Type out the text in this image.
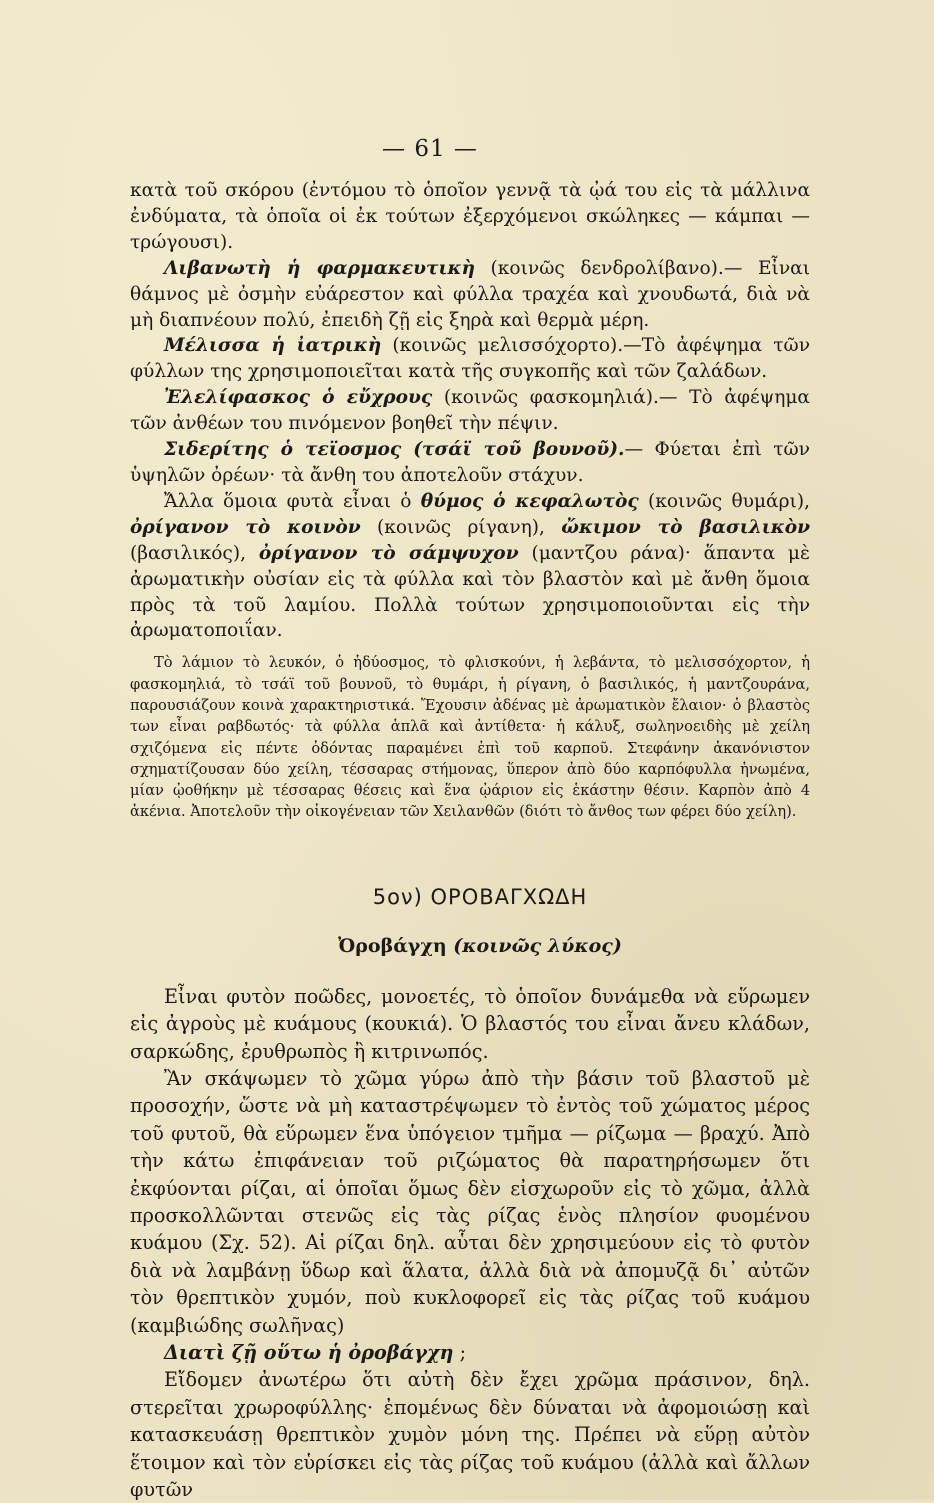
— 61 —

κατὰ τοῦ σκόρου (ἐντόμου τὸ ὁποῖον γεννᾷ τὰ ᾠά του εἰς τὰ μάλλινα ἐνδύματα, τὰ ὁποῖα οἱ ἐκ τούτων ἐξερχόμενοι σκώληκες — κάμπαι — τρώγουσι).

Λιβανωτὴ ἡ φαρμακευτικὴ (κοινῶς δενδρολίβανο).— Εἶναι θάμνος μὲ ὀσμὴν εὐάρεστον καὶ φύλλα τραχέα καὶ χνουδωτά, διὰ νὰ μὴ διαπνέουν πολύ, ἐπειδὴ ζῇ εἰς ξηρὰ καὶ θερμὰ μέρη.

Μέλισσα ἡ ἰατρικὴ (κοινῶς μελισσόχορτο).—Τὸ ἀφέψημα τῶν φύλλων της χρησιμοποιεῖται κατὰ τῆς συγκοπῆς καὶ τῶν ζαλάδων.

Ἐλελίφασκος ὁ εὔχρους (κοινῶς φασκομηλιά).— Τὸ ἀφέψημα τῶν ἀνθέων του πινόμενον βοηθεῖ τὴν πέψιν.

Σιδερίτης ὁ τεϊοσμος (τσάϊ τοῦ βουνοῦ).— Φύεται ἐπὶ τῶν ὑψηλῶν ὀρέων· τὰ ἄνθη του ἀποτελοῦν στάχυν.

Ἄλλα ὅμοια φυτὰ εἶναι ὁ θύμος ὁ κεφαλωτὸς (κοινῶς θυμάρι), ὀρίγανον τὸ κοινὸν (κοινῶς ρίγανη), ὤκιμον τὸ βασιλικὸν (βασιλικός), ὀρίγανον τὸ σάμψυχον (μαντζου ράνα)· ἅπαντα μὲ ἀρωματικὴν οὐσίαν εἰς τὰ φύλλα καὶ τὸν βλαστὸν καὶ μὲ ἄνθη ὅμοια πρὸς τὰ τοῦ λαμίου. Πολλὰ τούτων χρησιμοποιοῦνται εἰς τὴν ἀρωματοποιΐαν.

Τὸ λάμιον τὸ λευκόν, ὁ ἡδύοσμος, τὸ φλισκούνι, ἡ λεβάντα, τὸ μελισσόχορτον, ἡ φασκομηλιά, τὸ τσάϊ τοῦ βουνοῦ, τὸ θυμάρι, ἡ ρίγανη, ὁ βασιλικός, ἡ μαντζουράνα, παρουσιάζουν κοινὰ χαρακτηριστικά. Ἔχουσιν ἀδένας μὲ ἀρωματικὸν ἔλαιον· ὁ βλαστὸς των εἶναι ραβδωτός· τὰ φύλλα ἁπλᾶ καὶ ἀντίθετα· ἡ κάλυξ, σωληνοειδὴς μὲ χείλη σχιζόμενα εἰς πέντε ὀδόντας παραμένει ἐπὶ τοῦ καρποῦ. Στεφάνην ἀκανόνιστον σχηματίζουσαν δύο χείλη, τέσσαρας στήμονας, ὕπερον ἀπὸ δύο καρπόφυλλα ἡνωμένα, μίαν ᾠοθήκην μὲ τέσσαρας θέσεις καὶ ἕνα ᾠάριον εἰς ἑκάστην θέσιν. Καρπὸν ἀπὸ 4 ἀκένια. Ἀποτελοῦν τὴν οἰκογένειαν τῶν Χειλανθῶν (διότι τὸ ἄνθος των φέρει δύο χείλη).

5ον) ΟΡΟΒΑΓΧΩΔΗ
Ὀροβάγχη (κοινῶς λύκος)

Εἶναι φυτὸν ποῶδες, μονοετές, τὸ ὁποῖον δυνάμεθα νὰ εὕρωμεν εἰς ἀγροὺς μὲ κυάμους (κουκιά). Ὁ βλαστός του εἶναι ἄνευ κλάδων, σαρκώδης, ἐρυθρωπὸς ἢ κιτρινωπός.

Ἂν σκάψωμεν τὸ χῶμα γύρω ἀπὸ τὴν βάσιν τοῦ βλαστοῦ μὲ προσοχήν, ὥστε νὰ μὴ καταστρέψωμεν τὸ ἐντὸς τοῦ χώματος μέρος τοῦ φυτοῦ, θὰ εὕρωμεν ἕνα ὑπόγειον τμῆμα — ρίζωμα — βραχύ. Ἀπὸ τὴν κάτω ἐπιφάνειαν τοῦ ριζώματος θὰ παρατηρήσωμεν ὅτι ἐκφύονται ρίζαι, αἱ ὁποῖαι ὅμως δὲν εἰσχωροῦν εἰς τὸ χῶμα, ἀλλὰ προσκολλῶνται στενῶς εἰς τὰς ρίζας ἑνὸς πλησίον φυομένου κυάμου (Σχ. 52). Αἱ ρίζαι δηλ. αὗται δὲν χρησιμεύουν εἰς τὸ φυτὸν διὰ νὰ λαμβάνῃ ὕδωρ καὶ ἅλατα, ἀλλὰ διὰ νὰ ἀπομυζᾷ δι᾽ αὐτῶν τὸν θρεπτικὸν χυμόν, ποὺ κυκλοφορεῖ εἰς τὰς ρίζας τοῦ κυάμου (καμβιώδης σωλῆνας)

Διατὶ ζῇ οὕτω ἡ ὀροβάγχη ;

Εἴδομεν ἀνωτέρω ὅτι αὐτὴ δὲν ἔχει χρῶμα πράσινον, δηλ. στερεῖται χρωροφύλλης· ἐπομένως δὲν δύναται νὰ ἀφομοιώσῃ καὶ κατασκευάσῃ θρεπτικὸν χυμὸν μόνη της. Πρέπει νὰ εὕρῃ αὐτὸν ἕτοιμον καὶ τὸν εὑρίσκει εἰς τὰς ρίζας τοῦ κυάμου (ἀλλὰ καὶ ἄλλων φυτῶν
